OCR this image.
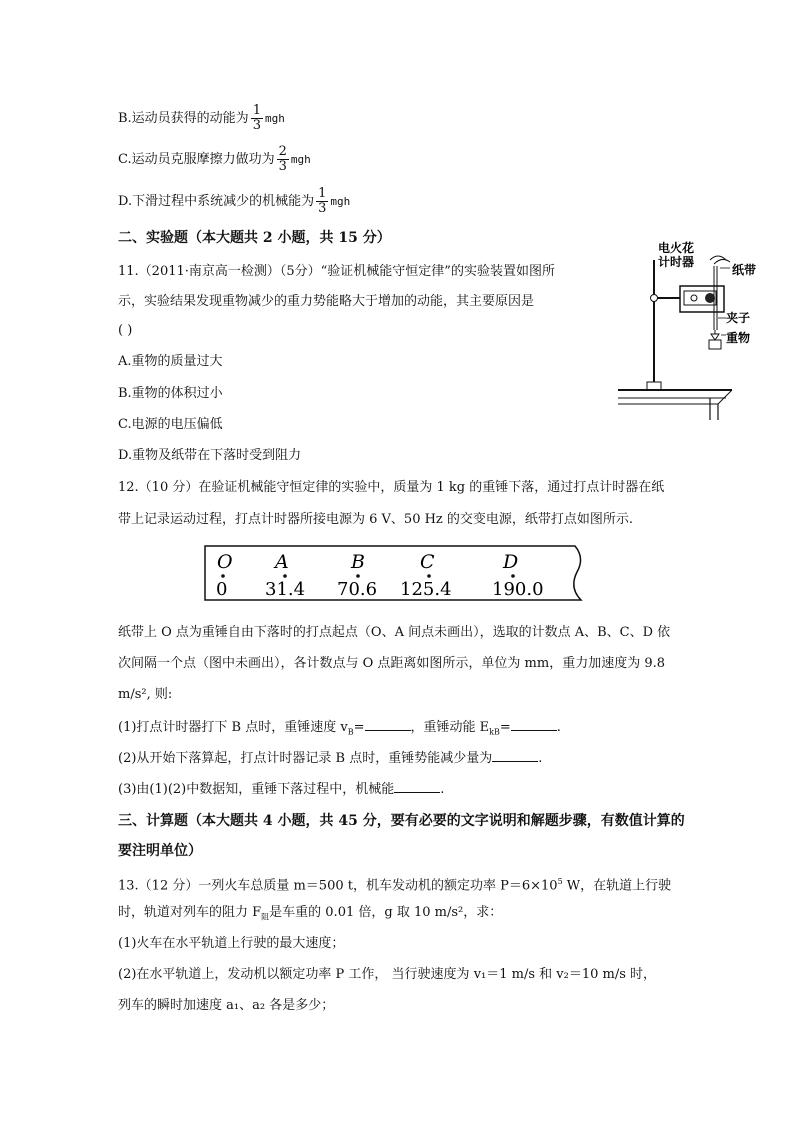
B.运动员获得的动能为 $\frac{1}{3}$ mgh
C.运动员克服摩擦力做功为 $\frac{2}{3}$ mgh
D.下滑过程中系统减少的机械能为 $\frac{1}{3}$ mgh
二、实验题（本大题共 2 小题，共 15 分）
11.（2011·南京高一检测）（5分）“验证机械能守恒定律”的实验装置如图所
示，实验结果发现重物减少的重力势能略大于增加的动能，其主要原因是
( )
A.重物的质量过大
B.重物的体积过小
C.电源的电压偏低
D.重物及纸带在下落时受到阻力
电火花
计时器
纸带
夹子
重物
12.（10 分）在验证机械能守恒定律的实验中，质量为 1 kg 的重锤下落，通过打点计时器在纸
带上记录运动过程，打点计时器所接电源为 6 V、50 Hz 的交变电源，纸带打点如图所示.
O A	B	C	D
0 31.4 70.6 125.4 190.0
纸带上 O 点为重锤自由下落时的打点起点（O、A 间点未画出），选取的计数点 A、B、C、D 依
次间隔一个点（图中未画出），各计数点与 O 点距离如图所示，单位为 mm，重力加速度为 9.8
m/s², 则:
(1)打点计时器打下 B 点时，重锤速度 $v_B=$	，重锤动能 $E_{kB}=$	.
(2)从开始下落算起，打点计时器记录 B 点时，重锤势能减少量为	.
(3)由(1)(2)中数据知，重锤下落过程中，机械能	.
三、计算题（本大题共 4 小题，共 45 分，要有必要的文字说明和解题步骤，有数值计算的
要注明单位）
13.（12 分）一列火车总质量 m＝500 t，机车发动机的额定功率 $P=6\times 10^5$ W，在轨道上行驶
时，轨道对列车的阻力 $F_阻$是车重的 0.01 倍，g 取 10 m/s²，求：
(1)火车在水平轨道上行驶的最大速度；
(2)在水平轨道上，发动机以额定功率 P 工作， 当行驶速度为 v₁＝1 m/s 和 v₂＝10 m/s 时，
列车的瞬时加速度 a₁、a₂ 各是多少；
